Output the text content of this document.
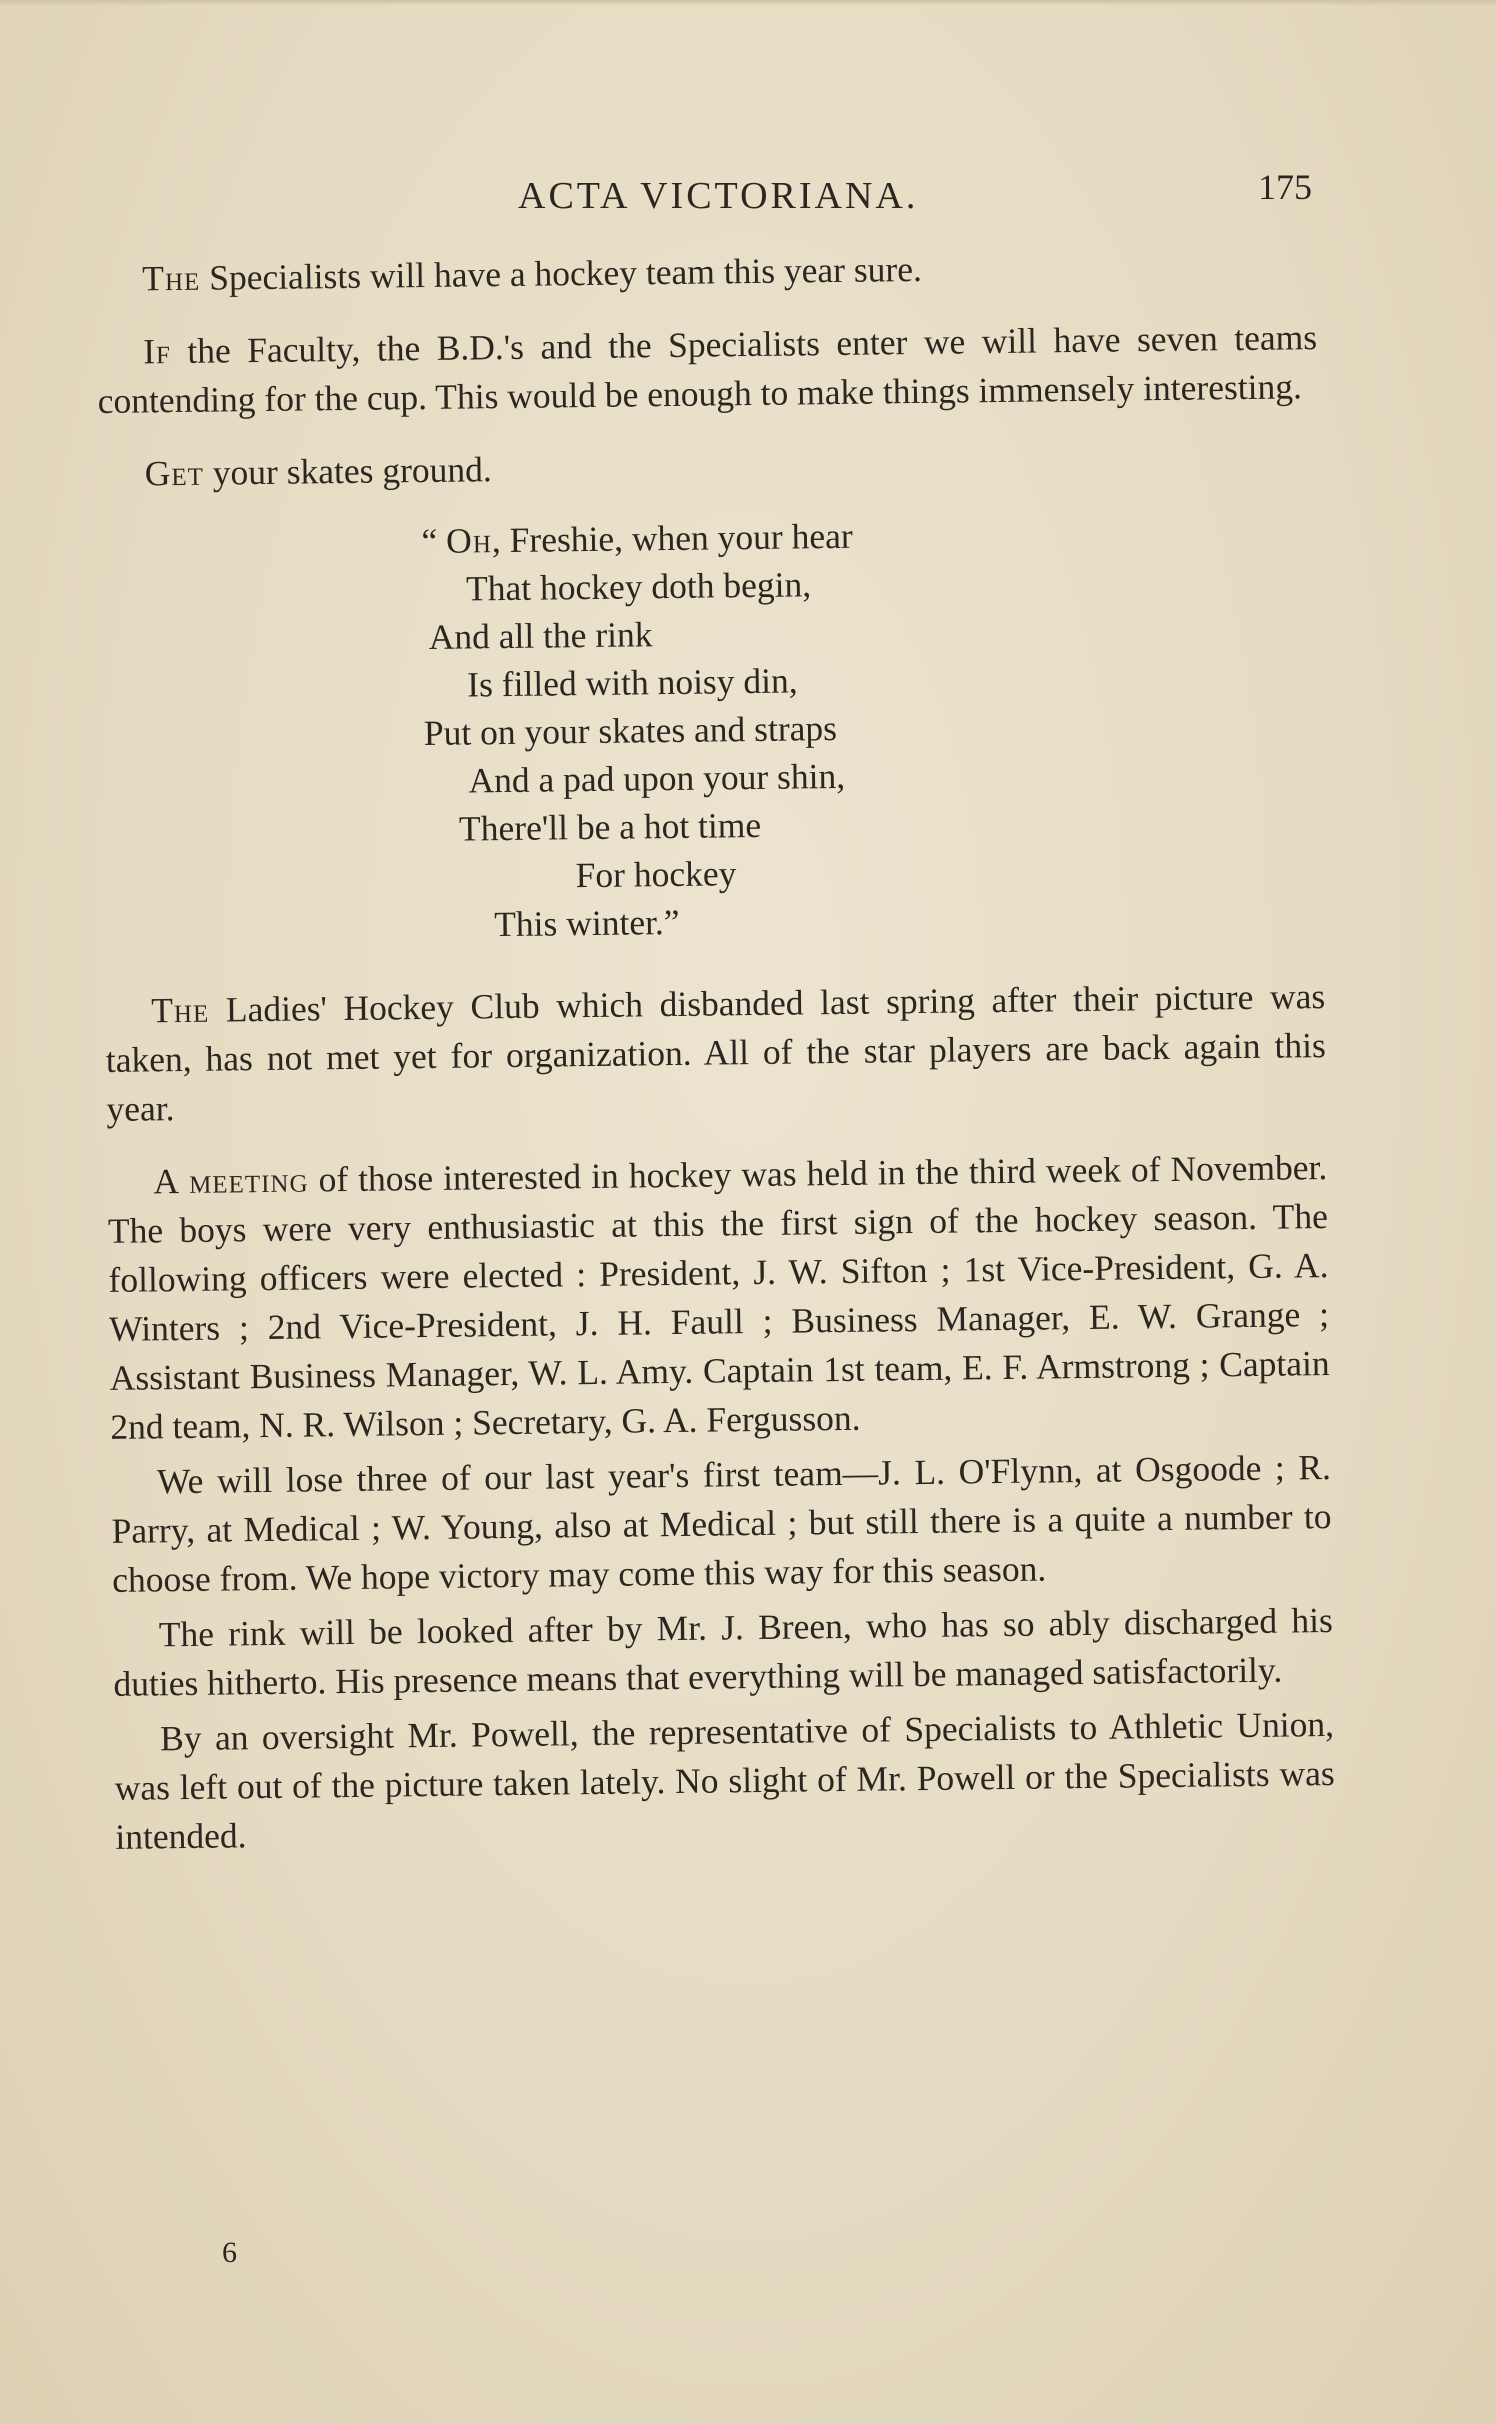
ACTA VICTORIANA.	175

The Specialists will have a hockey team this year sure.

If the Faculty, the B.D.'s and the Specialists enter we will have seven teams contending for the cup. This would be enough to make things immensely interesting.

Get your skates ground.

“ Oh, Freshie, when your hear
That hockey doth begin,
And all the rink
Is filled with noisy din,
Put on your skates and straps
And a pad upon your shin,
There'll be a hot time
For hockey
This winter.”

The Ladies' Hockey Club which disbanded last spring after their picture was taken, has not met yet for organization. All of the star players are back again this year.

A meeting of those interested in hockey was held in the third week of November. The boys were very enthusiastic at this the first sign of the hockey season. The following officers were elected : President, J. W. Sifton ; 1st Vice-President, G. A. Winters ; 2nd Vice-President, J. H. Faull ; Business Manager, E. W. Grange ; Assistant Business Manager, W. L. Amy. Captain 1st team, E. F. Armstrong ; Captain 2nd team, N. R. Wilson ; Secretary, G. A. Fergusson.

We will lose three of our last year's first team—J. L. O'Flynn, at Osgoode ; R. Parry, at Medical ; W. Young, also at Medical ; but still there is a quite a number to choose from. We hope victory may come this way for this season.

The rink will be looked after by Mr. J. Breen, who has so ably discharged his duties hitherto. His presence means that everything will be managed satisfactorily.

By an oversight Mr. Powell, the representative of Specialists to Athletic Union, was left out of the picture taken lately. No slight of Mr. Powell or the Specialists was intended.

6
